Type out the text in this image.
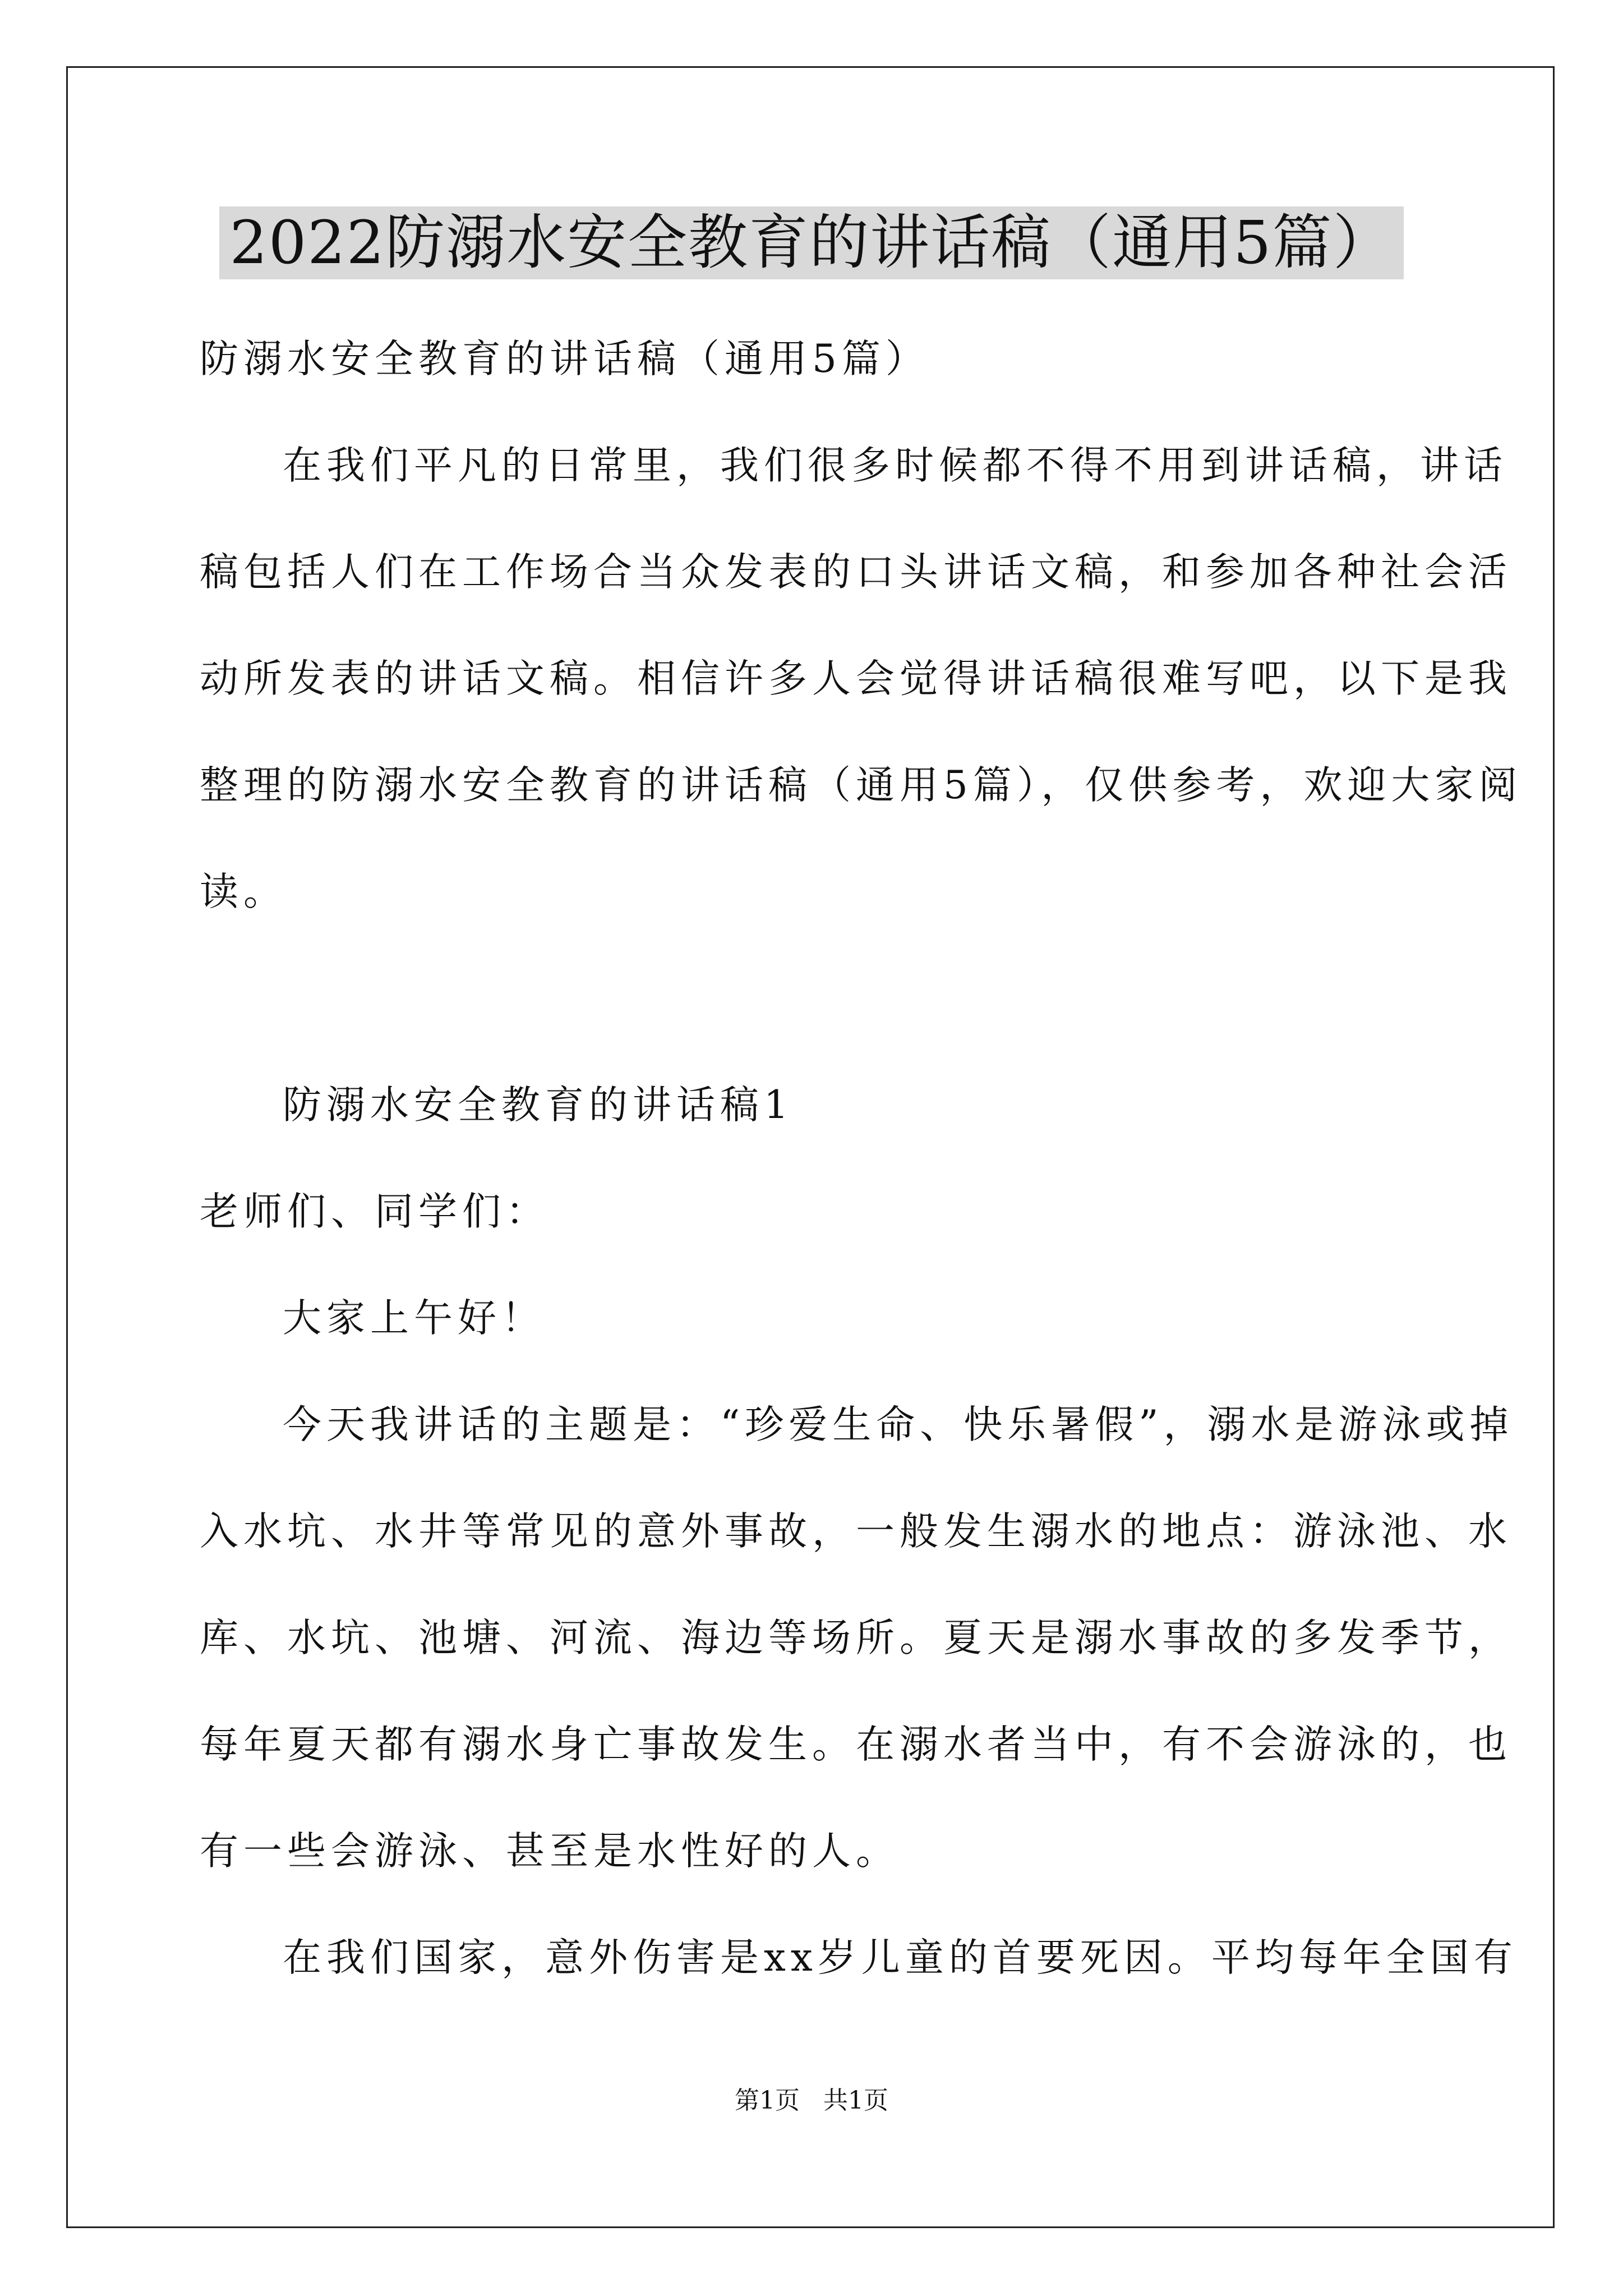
2022防溺水安全教育的讲话稿（通用5篇）
防溺水安全教育的讲话稿（通用5篇）
在我们平凡的日常里，我们很多时候都不得不用到讲话稿，讲话
稿包括人们在工作场合当众发表的口头讲话文稿，和参加各种社会活
动所发表的讲话文稿。相信许多人会觉得讲话稿很难写吧，以下是我
整理的防溺水安全教育的讲话稿（通用5篇），仅供参考，欢迎大家阅
读。
防溺水安全教育的讲话稿1
老师们、同学们：
大家上午好！
今天我讲话的主题是：“珍爱生命、快乐暑假”，溺水是游泳或掉
入水坑、水井等常见的意外事故，一般发生溺水的地点：游泳池、水
库、水坑、池塘、河流、海边等场所。夏天是溺水事故的多发季节，
每年夏天都有溺水身亡事故发生。在溺水者当中，有不会游泳的，也
有一些会游泳、甚至是水性好的人。
在我们国家，意外伤害是xx岁儿童的首要死因。平均每年全国有
第1页   共1页
